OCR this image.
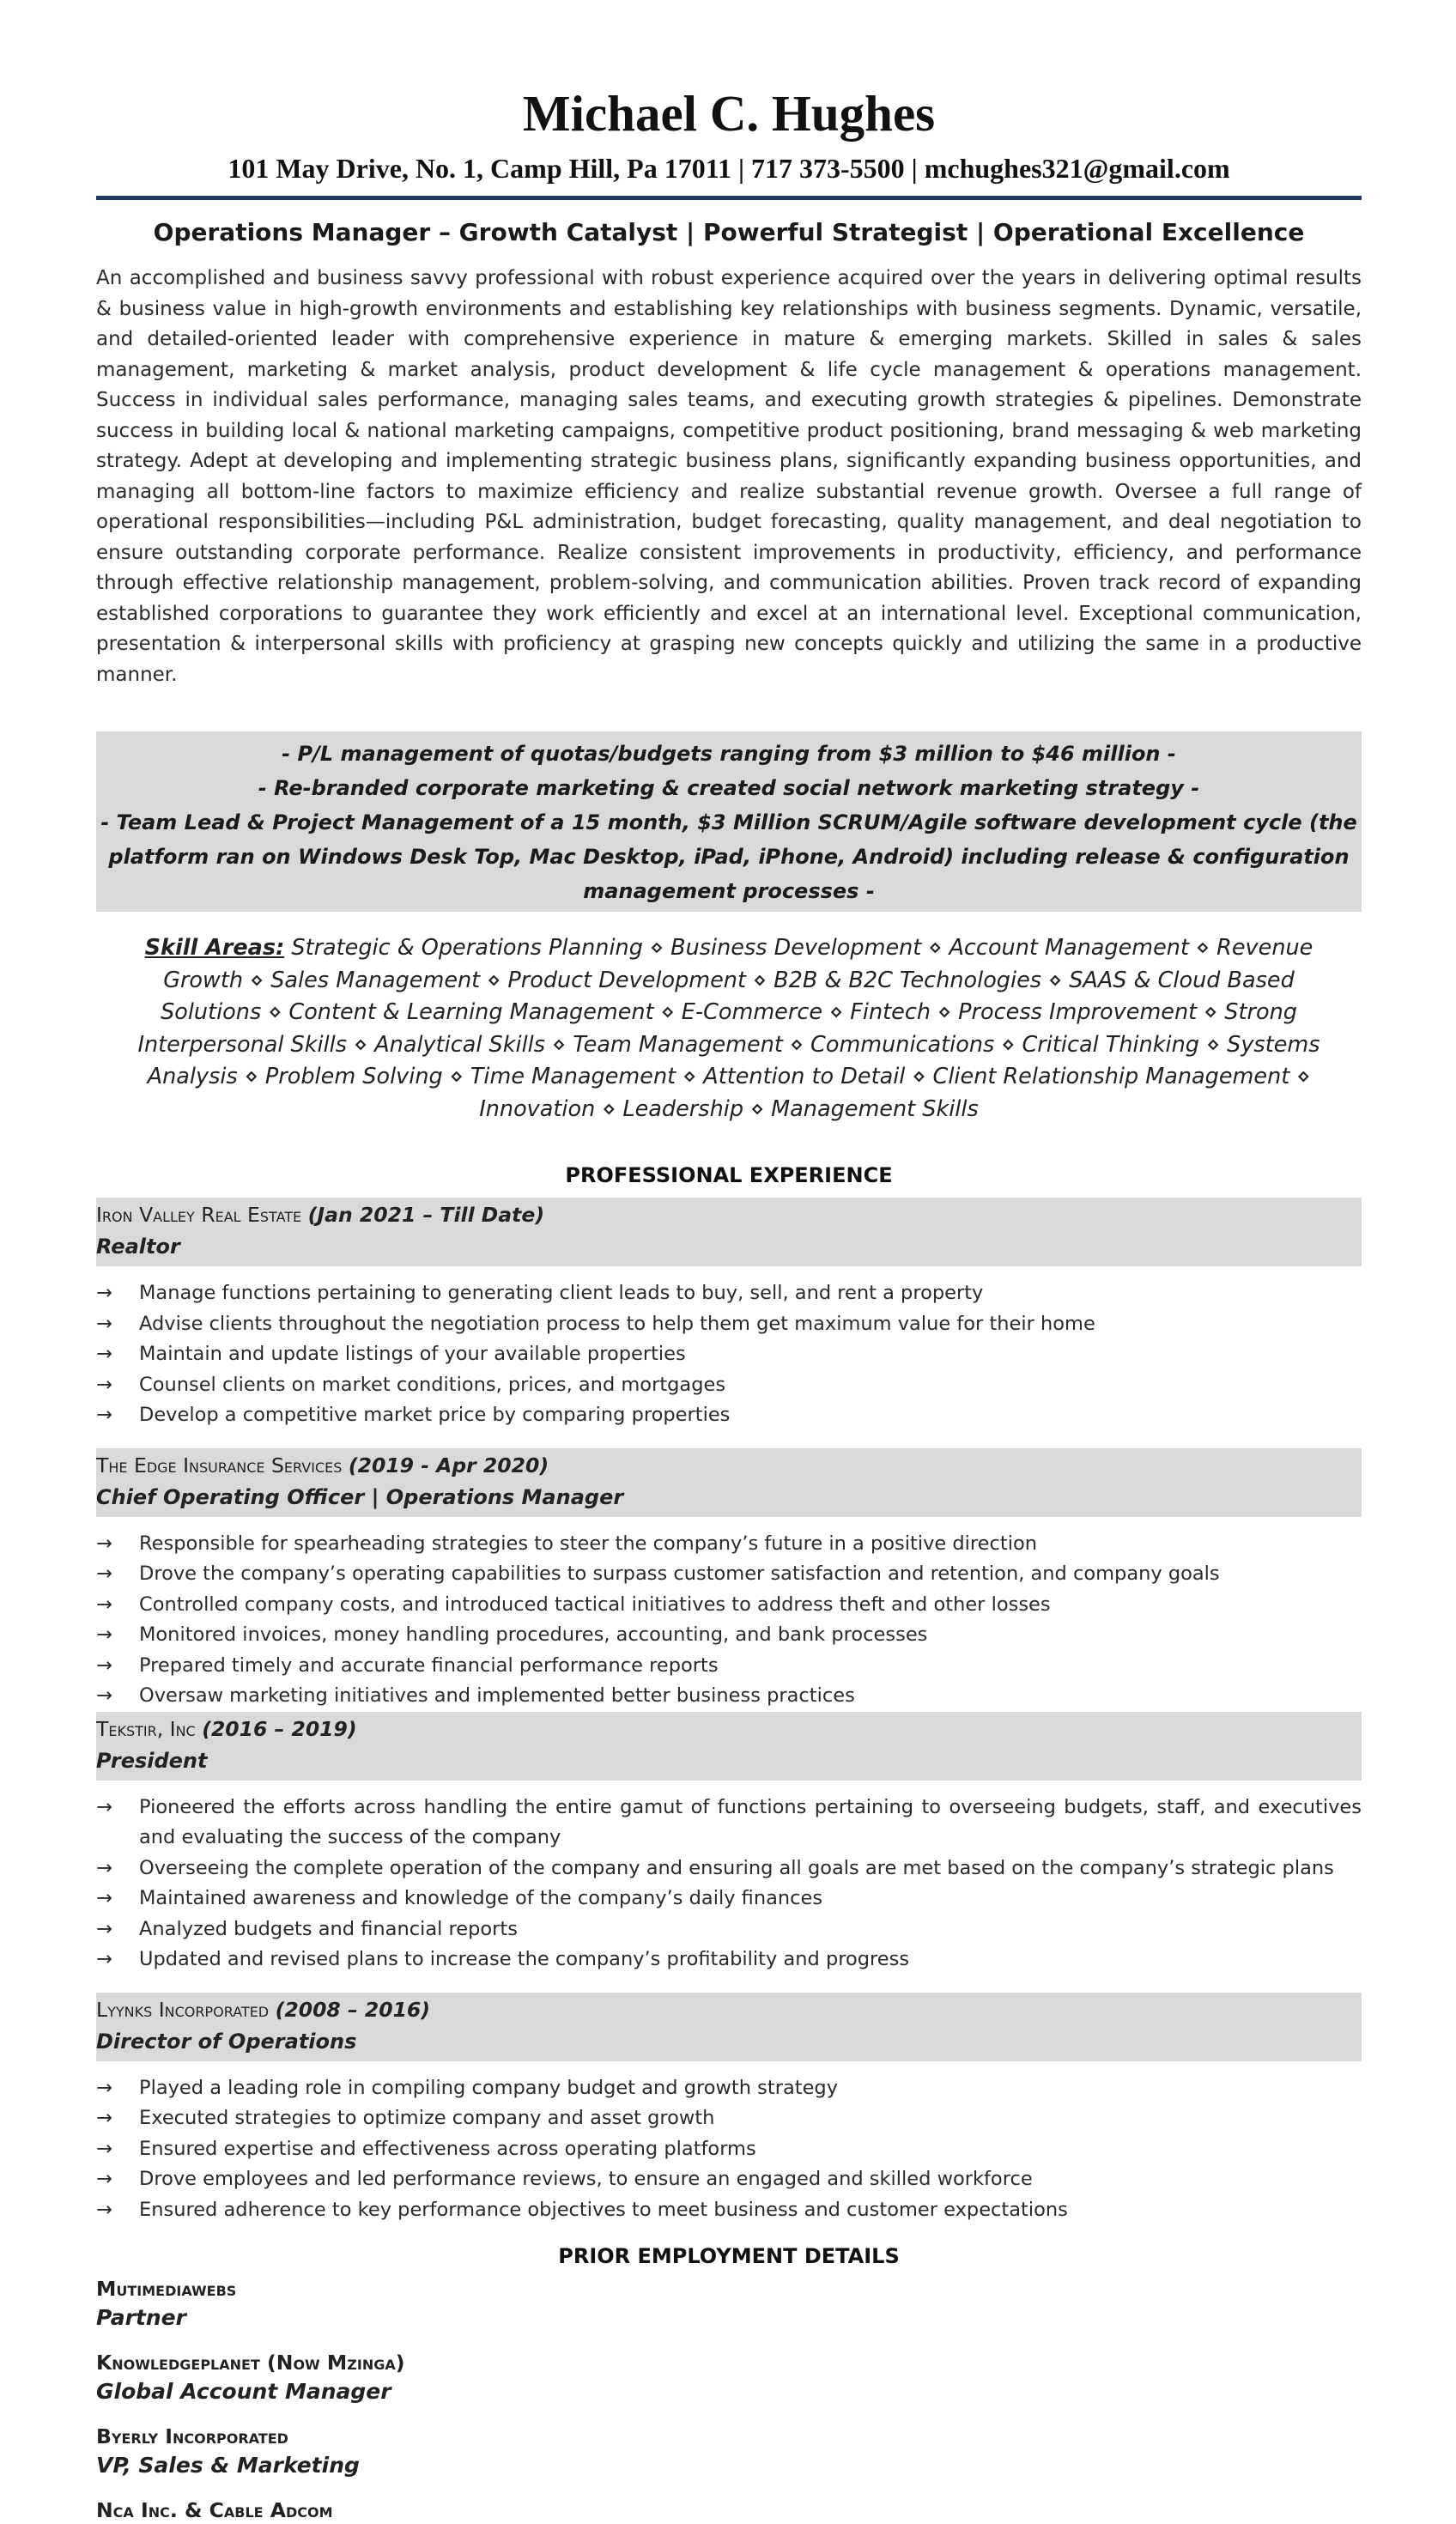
Michael C. Hughes
101 May Drive, No. 1, Camp Hill, Pa 17011 | 717 373-5500 | mchughes321@gmail.com
Operations Manager – Growth Catalyst | Powerful Strategist | Operational Excellence

An accomplished and business savvy professional with robust experience acquired over the years in delivering optimal results & business value in high-growth environments and establishing key relationships with business segments. Dynamic, versatile, and detailed-oriented leader with comprehensive experience in mature & emerging markets. Skilled in sales & sales management, marketing & market analysis, product development & life cycle management & operations management. Success in individual sales performance, managing sales teams, and executing growth strategies & pipelines. Demonstrate success in building local & national marketing campaigns, competitive product positioning, brand messaging & web marketing strategy. Adept at developing and implementing strategic business plans, significantly expanding business opportunities, and managing all bottom-line factors to maximize efficiency and realize substantial revenue growth. Oversee a full range of operational responsibilities—including P&L administration, budget forecasting, quality management, and deal negotiation to ensure outstanding corporate performance. Realize consistent improvements in productivity, efficiency, and performance through effective relationship management, problem-solving, and communication abilities. Proven track record of expanding established corporations to guarantee they work efficiently and excel at an international level. Exceptional communication, presentation & interpersonal skills with proficiency at grasping new concepts quickly and utilizing the same in a productive manner.

- P/L management of quotas/budgets ranging from $3 million to $46 million -
- Re-branded corporate marketing & created social network marketing strategy -
- Team Lead & Project Management of a 15 month, $3 Million SCRUM/Agile software development cycle (the platform ran on Windows Desk Top, Mac Desktop, iPad, iPhone, Android) including release & configuration management processes -
Skill Areas: Strategic & Operations Planning ⋄ Business Development ⋄ Account Management ⋄ Revenue Growth ⋄ Sales Management ⋄ Product Development ⋄ B2B & B2C Technologies ⋄ SAAS & Cloud Based Solutions ⋄ Content & Learning Management ⋄ E-Commerce ⋄ Fintech ⋄ Process Improvement ⋄ Strong Interpersonal Skills ⋄ Analytical Skills ⋄ Team Management ⋄ Communications ⋄ Critical Thinking ⋄ Systems Analysis ⋄ Problem Solving ⋄ Time Management ⋄ Attention to Detail ⋄ Client Relationship Management ⋄ Innovation ⋄ Leadership ⋄ Management Skills
PROFESSIONAL EXPERIENCE
Iron Valley Real Estate (Jan 2021 – Till Date)
Realtor
→ Manage functions pertaining to generating client leads to buy, sell, and rent a property
→ Advise clients throughout the negotiation process to help them get maximum value for their home
→ Maintain and update listings of your available properties
→ Counsel clients on market conditions, prices, and mortgages
→ Develop a competitive market price by comparing properties
The Edge Insurance Services (2019 - Apr 2020)
Chief Operating Officer | Operations Manager
→ Responsible for spearheading strategies to steer the company’s future in a positive direction
→ Drove the company’s operating capabilities to surpass customer satisfaction and retention, and company goals
→ Controlled company costs, and introduced tactical initiatives to address theft and other losses
→ Monitored invoices, money handling procedures, accounting, and bank processes
→ Prepared timely and accurate financial performance reports
→ Oversaw marketing initiatives and implemented better business practices
Tekstir, Inc (2016 – 2019)
President
→ Pioneered the efforts across handling the entire gamut of functions pertaining to overseeing budgets, staff, and executives and evaluating the success of the company
→ Overseeing the complete operation of the company and ensuring all goals are met based on the company’s strategic plans
→ Maintained awareness and knowledge of the company’s daily finances
→ Analyzed budgets and financial reports
→ Updated and revised plans to increase the company’s profitability and progress
Lyynks Incorporated (2008 – 2016)
Director of Operations
→ Played a leading role in compiling company budget and growth strategy
→ Executed strategies to optimize company and asset growth
→ Ensured expertise and effectiveness across operating platforms
→ Drove employees and led performance reviews, to ensure an engaged and skilled workforce
→ Ensured adherence to key performance objectives to meet business and customer expectations
PRIOR EMPLOYMENT DETAILS
Mutimediawebs
Partner
Knowledgeplanet (Now Mzinga)
Global Account Manager
Byerly Incorporated
VP, Sales & Marketing
Nca Inc. & Cable Adcom
